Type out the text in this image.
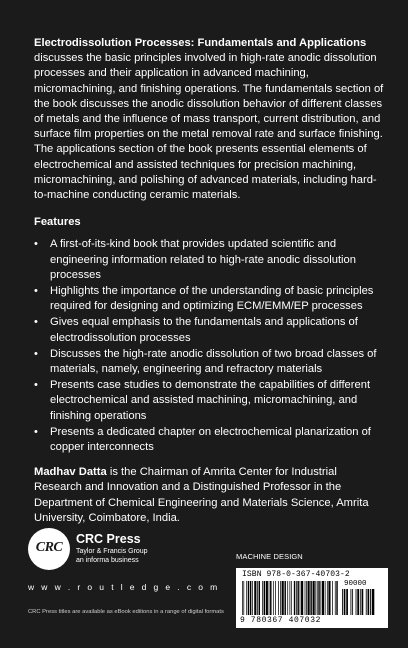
Electrodissolution Processes: Fundamentals and Applications discusses the basic principles involved in high-rate anodic dissolution processes and their application in advanced machining, micromachining, and finishing operations. The fundamentals section of the book discusses the anodic dissolution behavior of different classes of metals and the influence of mass transport, current distribution, and surface film properties on the metal removal rate and surface finishing. The applications section of the book presents essential elements of electrochemical and assisted techniques for precision machining, micromachining, and polishing of advanced materials, including hard-to-machine conducting ceramic materials.

Features
• A first-of-its-kind book that provides updated scientific and engineering information related to high-rate anodic dissolution processes
• Highlights the importance of the understanding of basic principles required for designing and optimizing ECM/EMM/EP processes
• Gives equal emphasis to the fundamentals and applications of electrodissolution processes
• Discusses the high-rate anodic dissolution of two broad classes of materials, namely, engineering and refractory materials
• Presents case studies to demonstrate the capabilities of different electrochemical and assisted machining, micromachining, and finishing operations
• Presents a dedicated chapter on electrochemical planarization of copper interconnects

Madhav Datta is the Chairman of Amrita Center for Industrial Research and Innovation and a Distinguished Professor in the Department of Chemical Engineering and Materials Science, Amrita University, Coimbatore, India.

CRC
CRC Press
Taylor & Francis Group
an informa business
w w w . r o u t l e d g e . c o m
CRC Press titles are available as eBook editions in a range of digital formats
MACHINE DESIGN
ISBN 978-0-367-40703-2
90000
9 780367 407032
